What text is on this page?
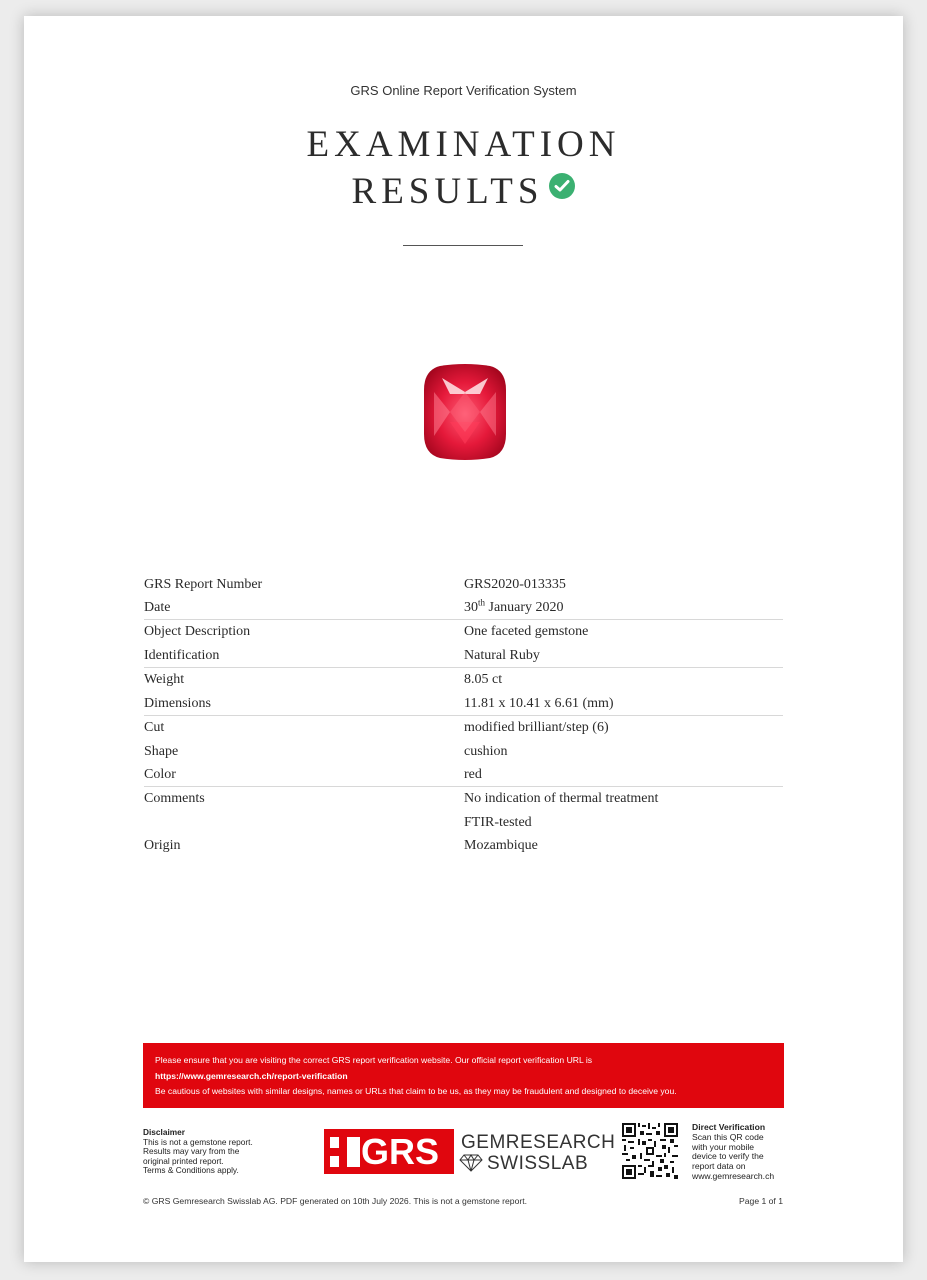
GRS Online Report Verification System
EXAMINATION
RESULTS
GRS Report Number	GRS2020-013335
Date	30th January 2020
Object Description	One faceted gemstone
Identification	Natural Ruby
Weight	8.05 ct
Dimensions	11.81 x 10.41 x 6.61 (mm)
Cut	modified brilliant/step (6)
Shape	cushion
Color	red
Comments	No indication of thermal treatment
	FTIR-tested
Origin	Mozambique
Please ensure that you are visiting the correct GRS report verification website. Our official report verification URL is
https://www.gemresearch.ch/report-verification
Be cautious of websites with similar designs, names or URLs that claim to be us, as they may be fraudulent and designed to deceive you.
Disclaimer
This is not a gemstone report.
Results may vary from the
original printed report.
Terms & Conditions apply.	GRS GEMRESEARCH
SWISSLAB
Direct Verification
Scan this QR code
with your mobile
device to verify the
report data on
www.gemresearch.ch
© GRS Gemresearch Swisslab AG. PDF generated on 10th July 2026. This is not a gemstone report.	Page 1 of 1
